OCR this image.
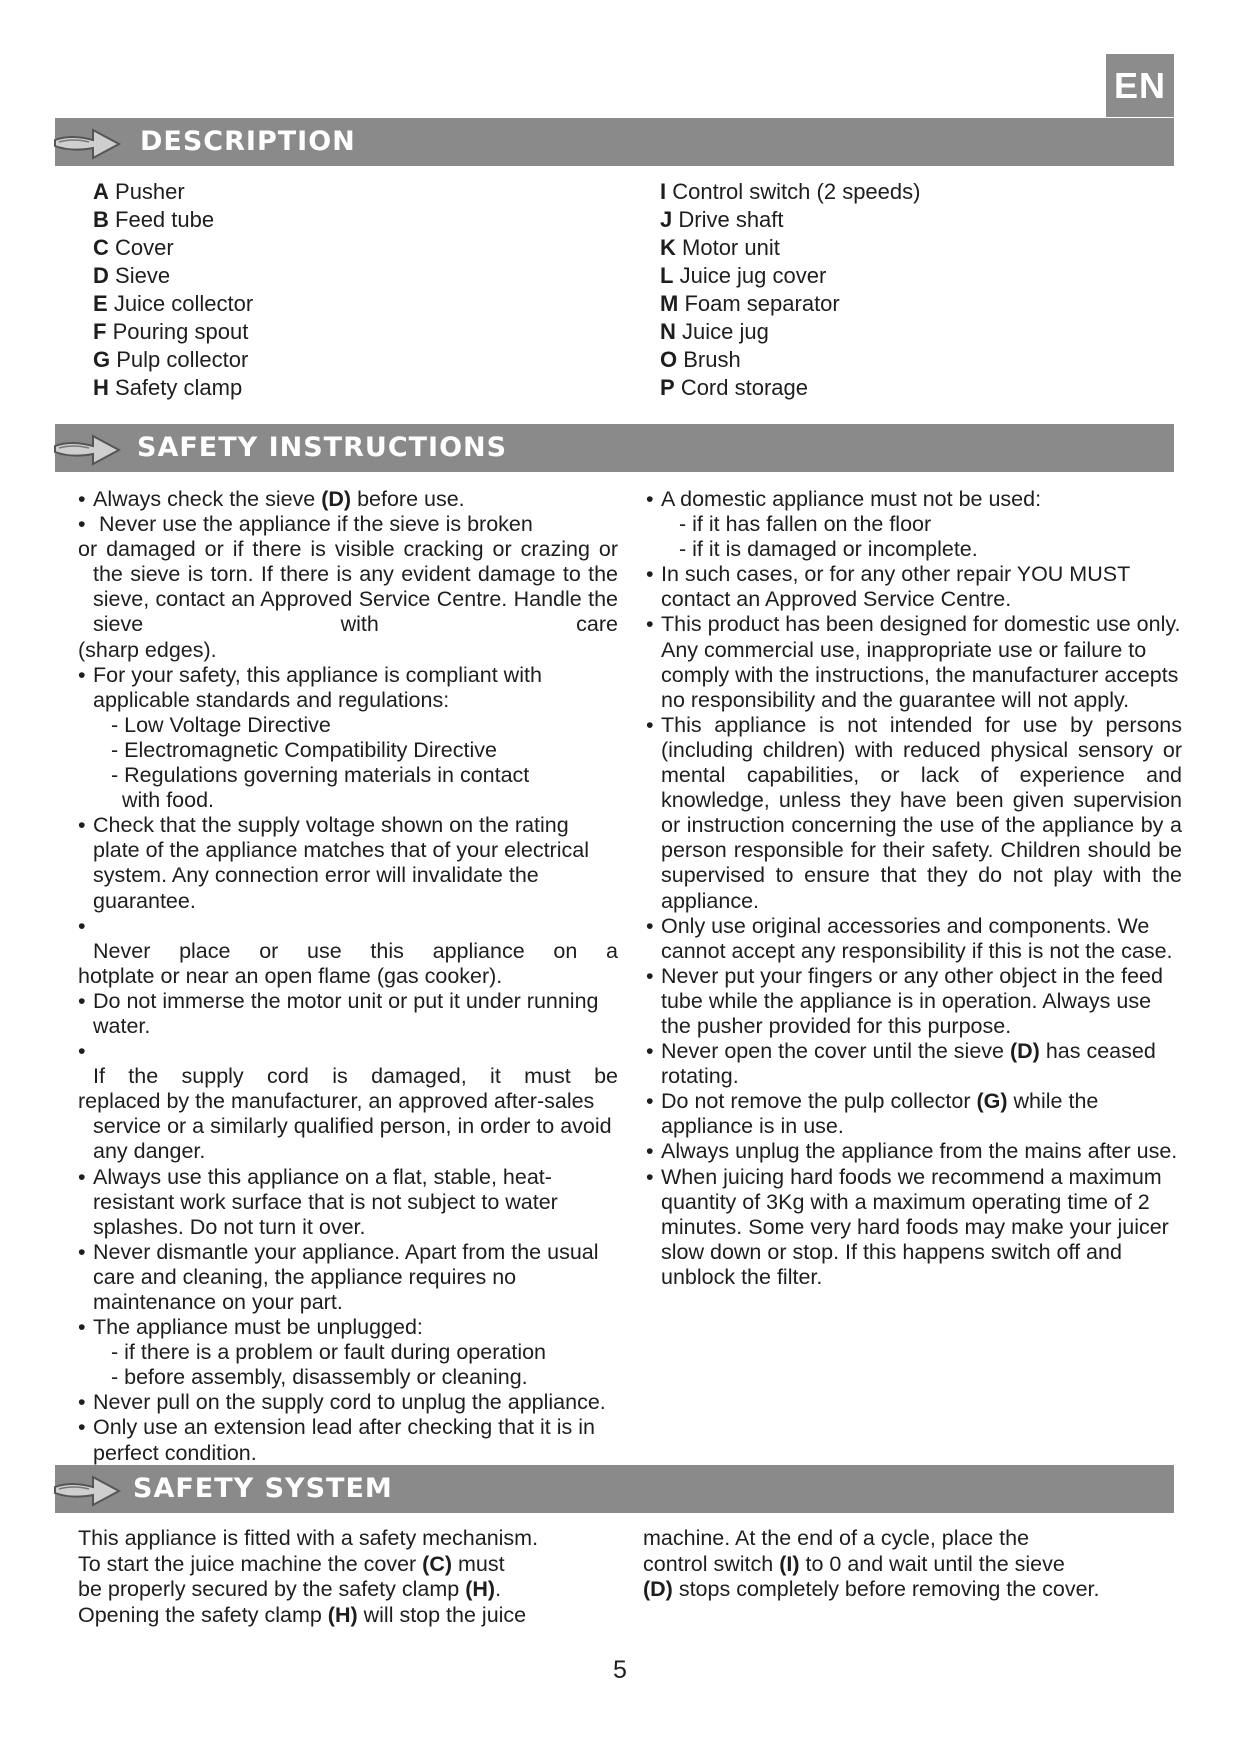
EN
DESCRIPTION
A Pusher
B Feed tube
C Cover
D Sieve
E Juice collector
F Pouring spout
G Pulp collector
H Safety clamp
I Control switch (2 speeds)
J Drive shaft
K Motor unit
L Juice jug cover
M Foam separator
N Juice jug
O Brush
P Cord storage
SAFETY INSTRUCTIONS
• Always check the sieve (D) before use.
• Never use the appliance if the sieve is broken
or damaged or if there is visible cracking or crazing or the sieve is torn. If there is any evident damage to the sieve, contact an Approved Service Centre. Handle the sieve with care
(sharp edges).
• For your safety, this appliance is compliant with applicable standards and regulations:
- Low Voltage Directive
- Electromagnetic Compatibility Directive
- Regulations governing materials in contact
with food.
• Check that the supply voltage shown on the rating plate of the appliance matches that of your electrical system. Any connection error will invalidate the guarantee.
• Never place or use this appliance on a
hotplate or near an open flame (gas cooker).
• Do not immerse the motor unit or put it under running water.
• If the supply cord is damaged, it must be
replaced by the manufacturer, an approved after-sales service or a similarly qualified person, in order to avoid any danger.
• Always use this appliance on a flat, stable, heat-resistant work surface that is not subject to water splashes. Do not turn it over.
• Never dismantle your appliance. Apart from the usual care and cleaning, the appliance requires no maintenance on your part.
• The appliance must be unplugged:
- if there is a problem or fault during operation
- before assembly, disassembly or cleaning.
• Never pull on the supply cord to unplug the appliance.
• Only use an extension lead after checking that it is in perfect condition.
• A domestic appliance must not be used:
- if it has fallen on the floor
- if it is damaged or incomplete.
• In such cases, or for any other repair YOU MUST contact an Approved Service Centre.
• This product has been designed for domestic use only. Any commercial use, inappropriate use or failure to comply with the instructions, the manufacturer accepts no responsibility and the guarantee will not apply.
• This appliance is not intended for use by persons (including children) with reduced physical sensory or mental capabilities, or lack of experience and knowledge, unless they have been given supervision or instruction concerning the use of the appliance by a person responsible for their safety. Children should be supervised to ensure that they do not play with the appliance.
• Only use original accessories and components. We cannot accept any responsibility if this is not the case.
• Never put your fingers or any other object in the feed tube while the appliance is in operation. Always use the pusher provided for this purpose.
• Never open the cover until the sieve (D) has ceased rotating.
• Do not remove the pulp collector (G) while the appliance is in use.
• Always unplug the appliance from the mains after use.
• When juicing hard foods we recommend a maximum quantity of 3Kg with a maximum operating time of 2 minutes. Some very hard foods may make your juicer slow down or stop. If this happens switch off and unblock the filter.
SAFETY SYSTEM
This appliance is fitted with a safety mechanism.
To start the juice machine the cover (C) must
be properly secured by the safety clamp (H).
Opening the safety clamp (H) will stop the juice
machine. At the end of a cycle, place the
control switch (I) to 0 and wait until the sieve
(D) stops completely before removing the cover.
5
